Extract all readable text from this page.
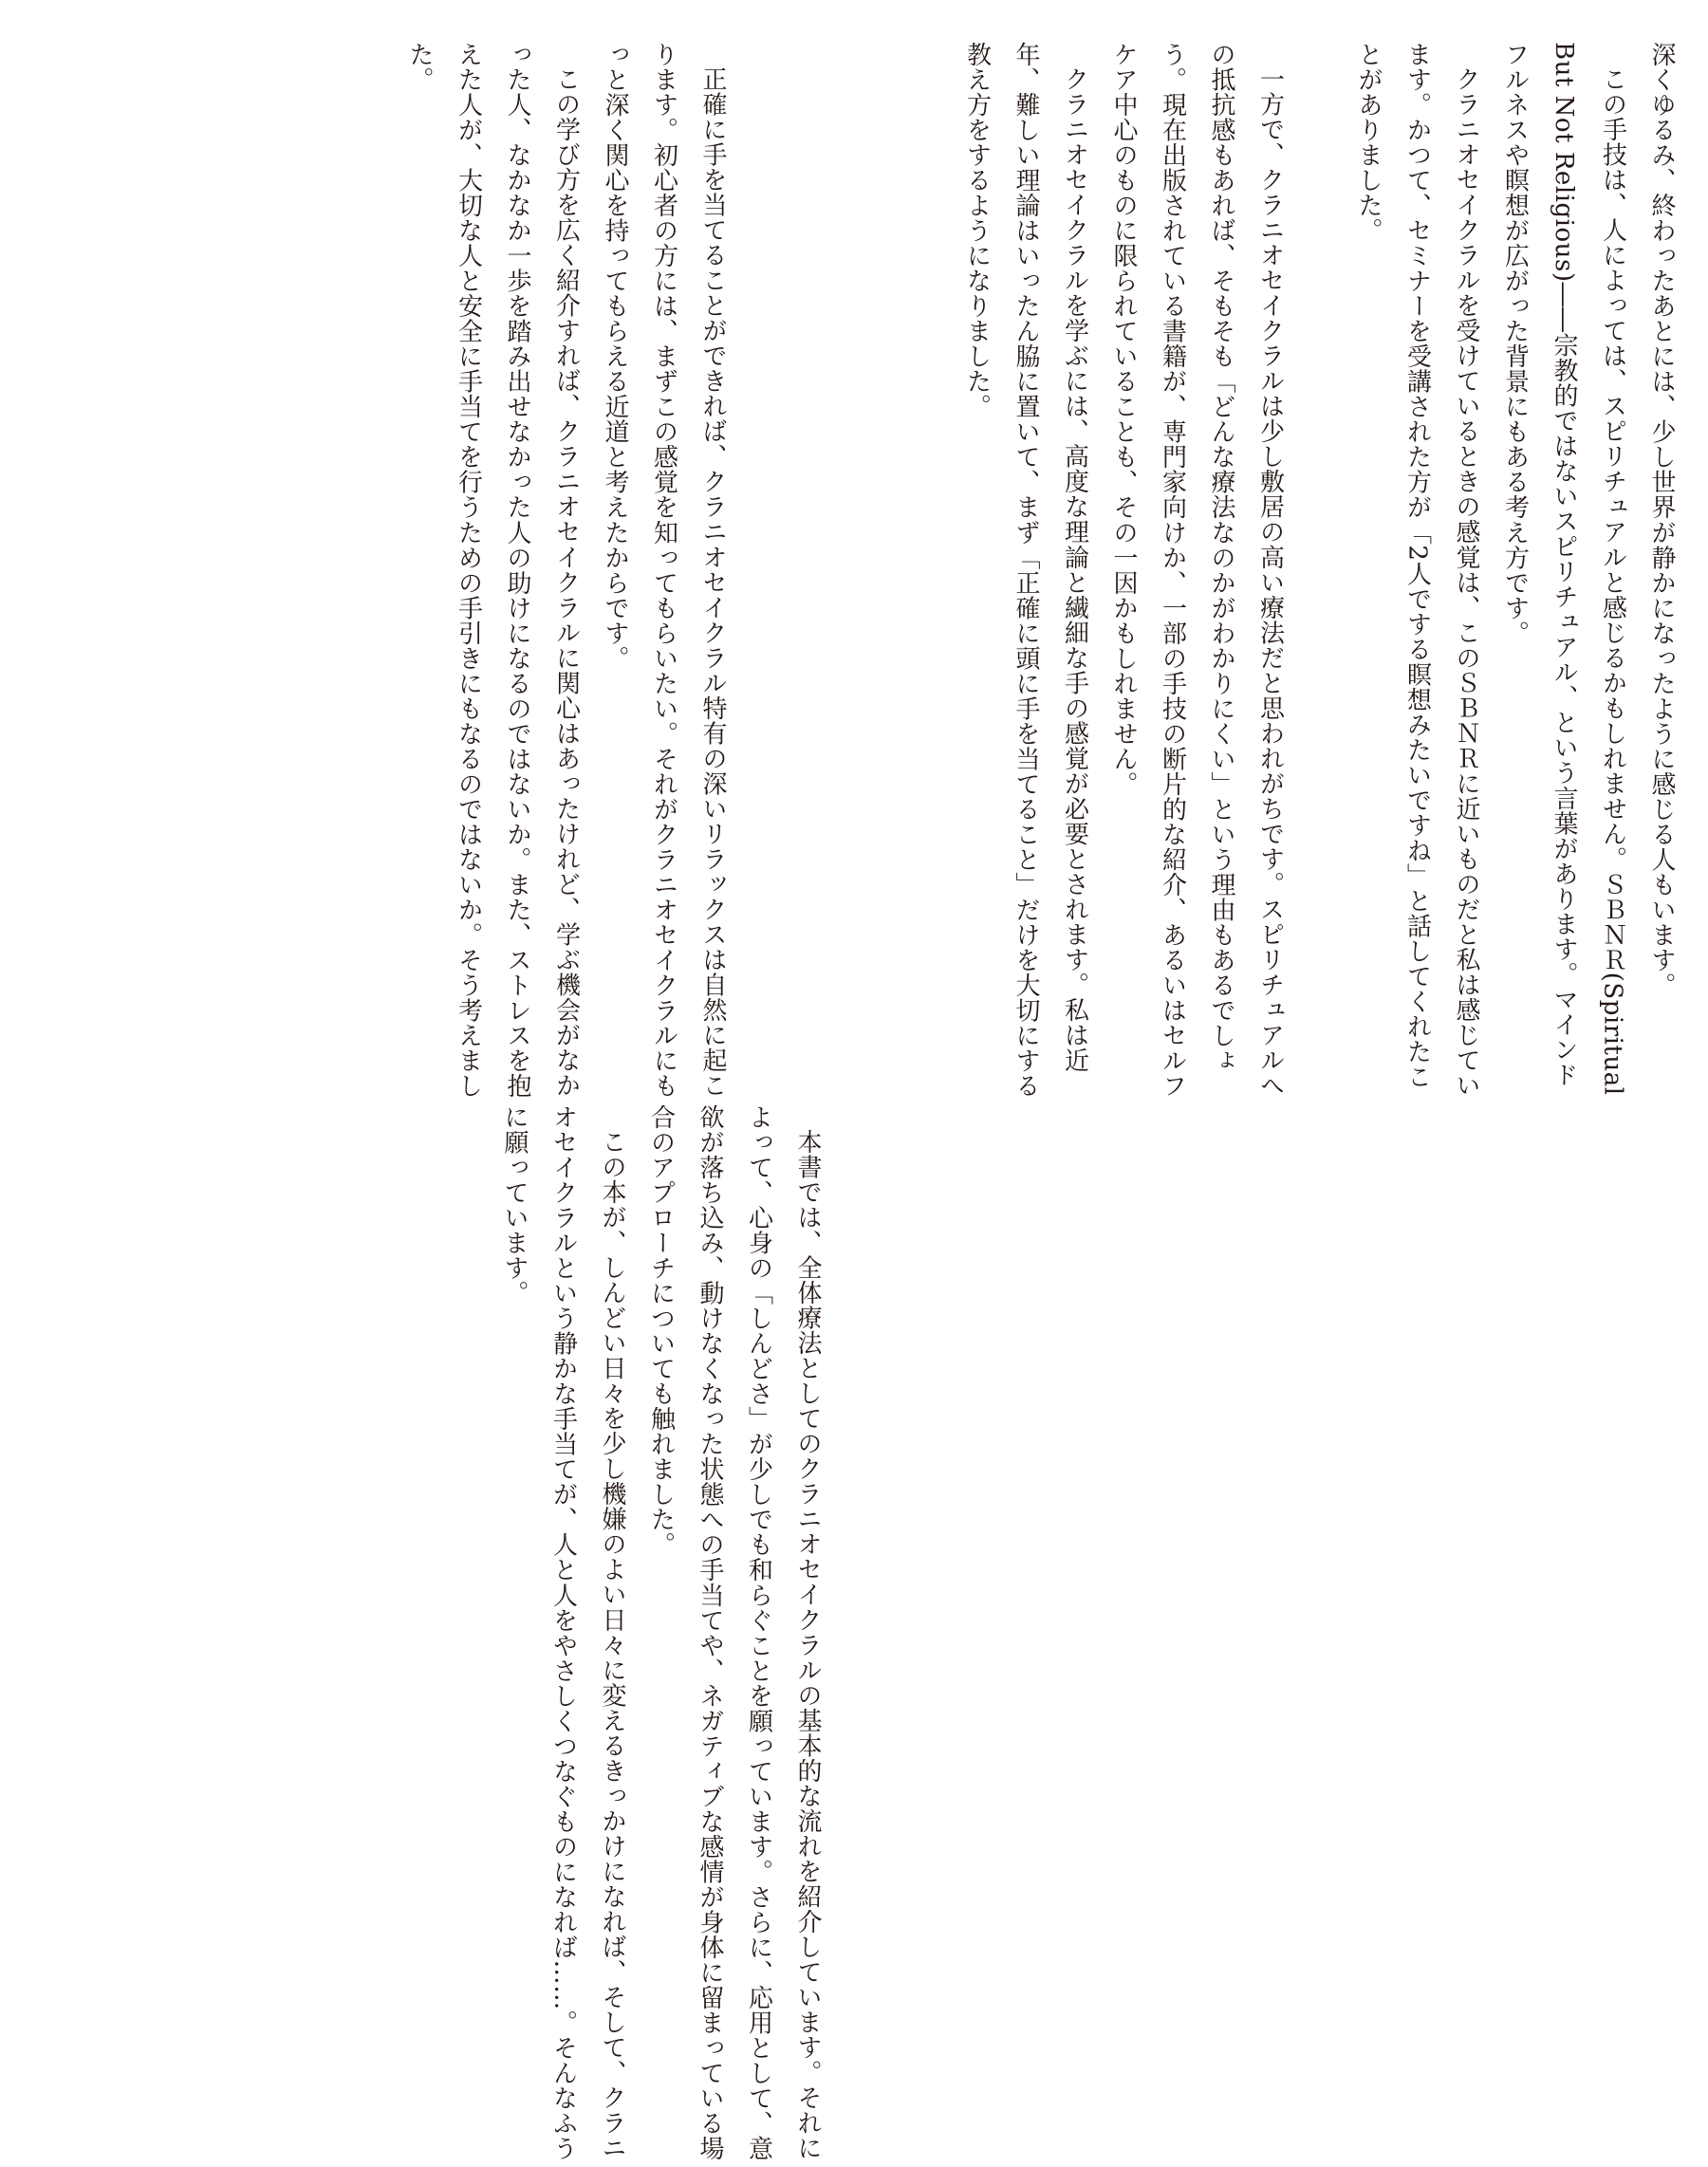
深くゆるみ、終わったあとには、少し世界が静かになったように感じる人もいます。

この手技は、人によっては、スピリチュアルと感じるかもしれません。ＳＢＮＲ(Spiritual But Not Religious)――宗教的ではないスピリチュアル、という言葉があります。マインドフルネスや瞑想が広がった背景にもある考え方です。

クラニオセイクラルを受けているときの感覚は、このＳＢＮＲに近いものだと私は感じています。かつて、セミナーを受講された方が「2人でする瞑想みたいですね」と話してくれたことがありました。

一方で、クラニオセイクラルは少し敷居の高い療法だと思われがちです。スピリチュアルへの抵抗感もあれば、そもそも「どんな療法なのかがわかりにくい」という理由もあるでしょう。現在出版されている書籍が、専門家向けか、一部の手技の断片的な紹介、あるいはセルフケア中心のものに限られていることも、その一因かもしれません。

クラニオセイクラルを学ぶには、高度な理論と繊細な手の感覚が必要とされます。私は近年、難しい理論はいったん脇に置いて、まず「正確に頭に手を当てること」だけを大切にする教え方をするようになりました。

正確に手を当てることができれば、クラニオセイクラル特有の深いリラックスは自然に起こります。初心者の方には、まずこの感覚を知ってもらいたい。それがクラニオセイクラルにもっと深く関心を持ってもらえる近道と考えたからです。

この学び方を広く紹介すれば、クラニオセイクラルに関心はあったけれど、学ぶ機会がなかった人、なかなか一歩を踏み出せなかった人の助けになるのではないか。また、ストレスを抱えた人が、大切な人と安全に手当てを行うための手引きにもなるのではないか。そう考えました。

本書では、全体療法としてのクラニオセイクラルの基本的な流れを紹介しています。それによって、心身の「しんどさ」が少しでも和らぐことを願っています。さらに、応用として、意欲が落ち込み、動けなくなった状態への手当てや、ネガティブな感情が身体に留まっている場合のアプローチについても触れました。

この本が、しんどい日々を少し機嫌のよい日々に変えるきっかけになれば、そして、クラニオセイクラルという静かな手当てが、人と人をやさしくつなぐものになれば……。そんなふうに願っています。
